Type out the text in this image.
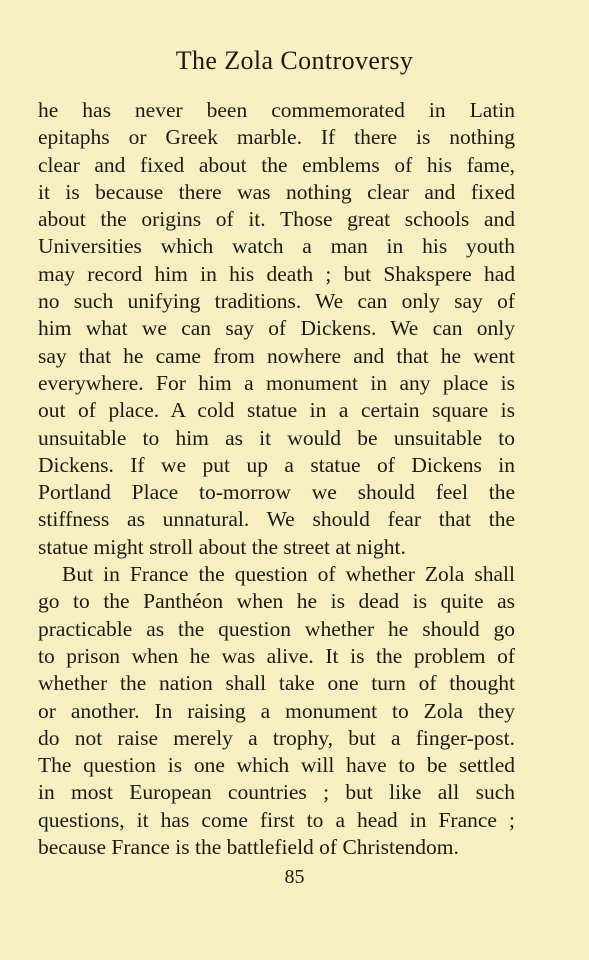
The Zola Controversy
he has never been commemorated in Latin
epitaphs or Greek marble. If there is nothing
clear and fixed about the emblems of his fame,
it is because there was nothing clear and fixed
about the origins of it. Those great schools and
Universities which watch a man in his youth
may record him in his death ; but Shakspere had
no such unifying traditions. We can only say of
him what we can say of Dickens. We can only
say that he came from nowhere and that he went
everywhere. For him a monument in any place is
out of place. A cold statue in a certain square is
unsuitable to him as it would be unsuitable to
Dickens. If we put up a statue of Dickens in
Portland Place to-morrow we should feel the
stiffness as unnatural. We should fear that the
statue might stroll about the street at night.
But in France the question of whether Zola shall
go to the Panthéon when he is dead is quite as
practicable as the question whether he should go
to prison when he was alive. It is the problem of
whether the nation shall take one turn of thought
or another. In raising a monument to Zola they
do not raise merely a trophy, but a finger-post.
The question is one which will have to be settled
in most European countries ; but like all such
questions, it has come first to a head in France ;
because France is the battlefield of Christendom.
85
